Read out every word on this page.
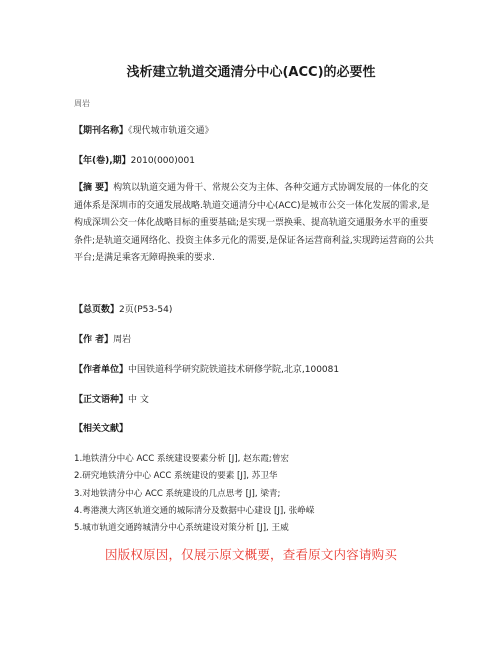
浅析建立轨道交通清分中心(ACC)的必要性
周岩
【期刊名称】《现代城市轨道交通》
【年(卷),期】2010(000)001
【摘 要】构筑以轨道交通为骨干、常规公交为主体、各种交通方式协调发展的一体化的交通体系是深圳市的交通发展战略.轨道交通清分中心(ACC)是城市公交一体化发展的需求,是构成深圳公交一体化战略目标的重要基础;是实现一票换乘、提高轨道交通服务水平的重要条件;是轨道交通网络化、投资主体多元化的需要,是保证各运营商利益,实现跨运营商的公共平台;是满足乘客无障碍换乘的要求.
【总页数】2页(P53-54)
【作 者】周岩
【作者单位】中国铁道科学研究院铁道技术研修学院,北京,100081
【正文语种】中 文
【相关文献】
1.地铁清分中心 ACC 系统建设要素分析 [J], 赵东霞;曾宏
2.研究地铁清分中心 ACC 系统建设的要素 [J], 苏卫华
3.对地铁清分中心 ACC 系统建设的几点思考 [J], 梁青;
4.粤港澳大湾区轨道交通的城际清分及数据中心建设 [J], 张峥嵘
5.城市轨道交通跨城清分中心系统建设对策分析 [J], 王威
因版权原因，仅展示原文概要，查看原文内容请购买
